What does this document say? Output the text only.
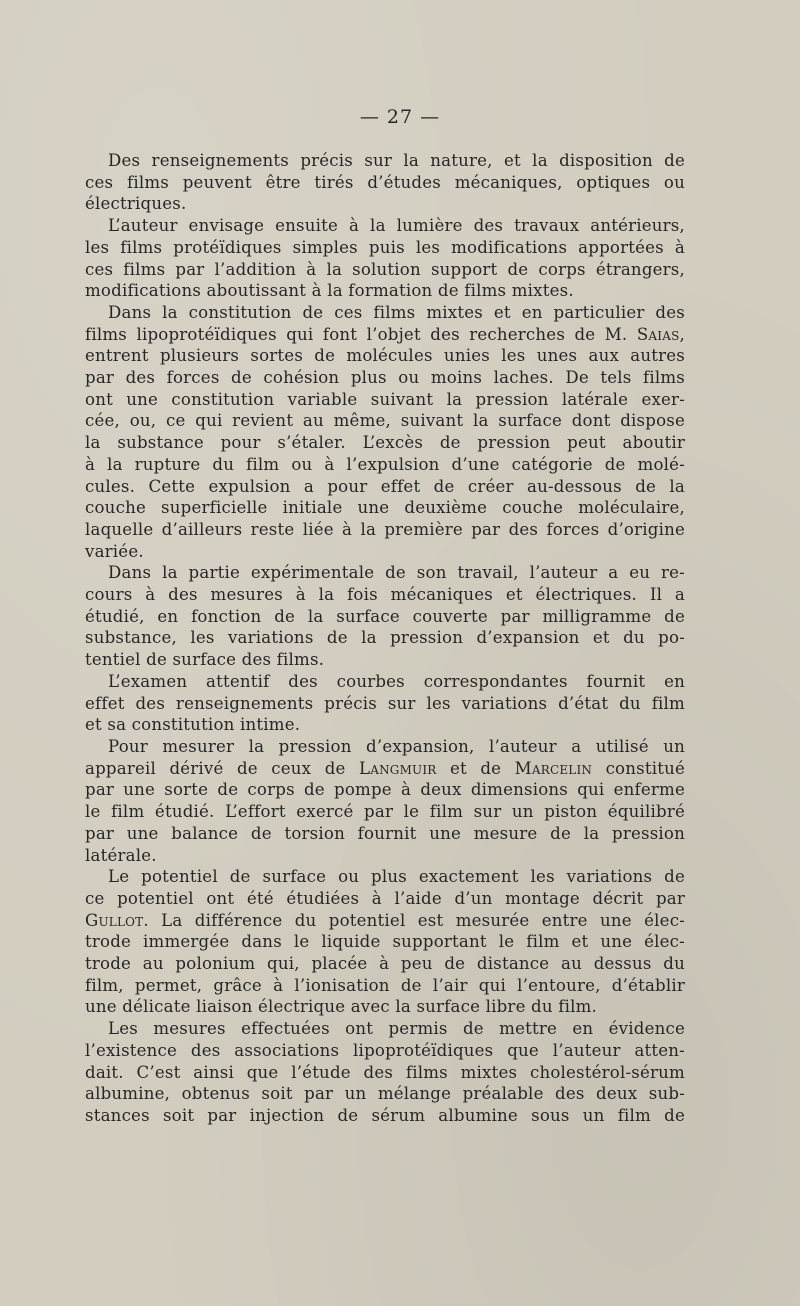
— 27 —
Des renseignements précis sur la nature, et la disposition de
ces films peuvent être tirés d’études mécaniques, optiques ou
électriques.
L’auteur envisage ensuite à la lumière des travaux antérieurs,
les films protéïdiques simples puis les modifications apportées à
ces films par l’addition à la solution support de corps étrangers,
modifications aboutissant à la formation de films mixtes.
Dans la constitution de ces films mixtes et en particulier des
films lipoprotéïdiques qui font l’objet des recherches de M. Saias,
entrent plusieurs sortes de molécules unies les unes aux autres
par des forces de cohésion plus ou moins laches. De tels films
ont une constitution variable suivant la pression latérale exer-
cée, ou, ce qui revient au même, suivant la surface dont dispose
la substance pour s’étaler. L’excès de pression peut aboutir
à la rupture du film ou à l’expulsion d’une catégorie de molé-
cules. Cette expulsion a pour effet de créer au-dessous de la
couche superficielle initiale une deuxième couche moléculaire,
laquelle d’ailleurs reste liée à la première par des forces d’origine
variée.
Dans la partie expérimentale de son travail, l’auteur a eu re-
cours à des mesures à la fois mécaniques et électriques. Il a
étudié, en fonction de la surface couverte par milligramme de
substance, les variations de la pression d’expansion et du po-
tentiel de surface des films.
L’examen attentif des courbes correspondantes fournit en
effet des renseignements précis sur les variations d’état du film
et sa constitution intime.
Pour mesurer la pression d’expansion, l’auteur a utilisé un
appareil dérivé de ceux de Langmuir et de Marcelin constitué
par une sorte de corps de pompe à deux dimensions qui enferme
le film étudié. L’effort exercé par le film sur un piston équilibré
par une balance de torsion fournit une mesure de la pression
latérale.
Le potentiel de surface ou plus exactement les variations de
ce potentiel ont été étudiées à l’aide d’un montage décrit par
Gullot. La différence du potentiel est mesurée entre une élec-
trode immergée dans le liquide supportant le film et une élec-
trode au polonium qui, placée à peu de distance au dessus du
film, permet, grâce à l’ionisation de l’air qui l’entoure, d’établir
une délicate liaison électrique avec la surface libre du film.
Les mesures effectuées ont permis de mettre en évidence
l’existence des associations lipoprotéïdiques que l’auteur atten-
dait. C’est ainsi que l’étude des films mixtes cholestérol-sérum
albumine, obtenus soit par un mélange préalable des deux sub-
stances soit par injection de sérum albumine sous un film de
